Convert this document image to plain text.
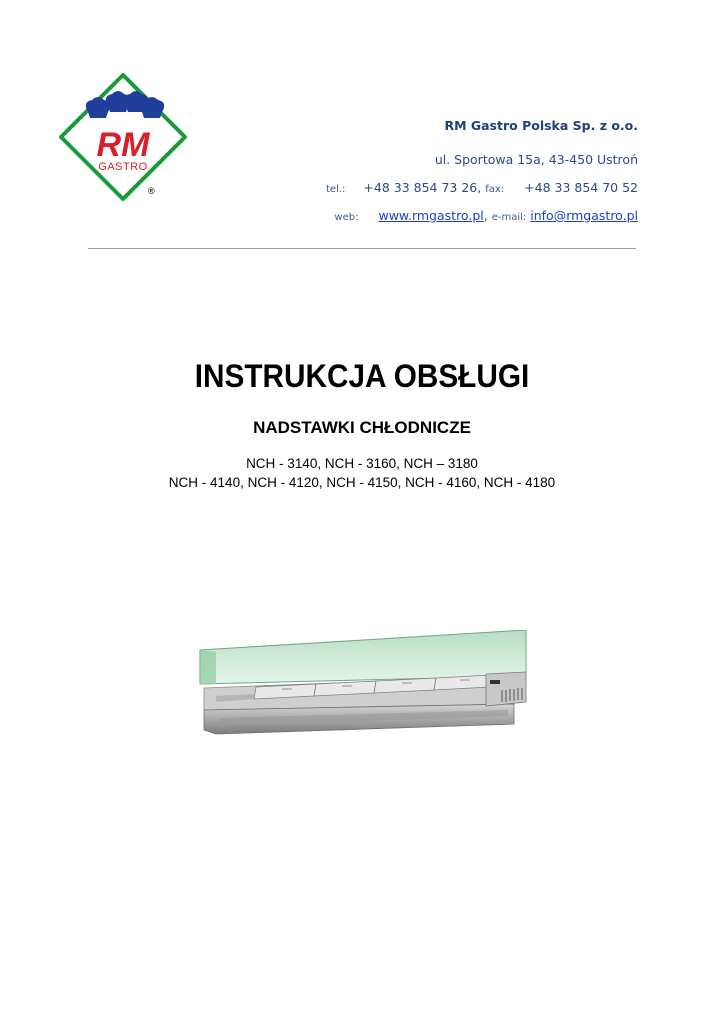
RM
GASTRO
®
RM Gastro Polska Sp. z o.o.
ul. Sportowa 15a, 43-450 Ustroń
tel.: +48 33 854 73 26, fax: +48 33 854 70 52
web: www.rmgastro.pl, e-mail: info@rmgastro.pl
INSTRUKCJA OBSŁUGI
NADSTAWKI CHŁODNICZE
NCH - 3140, NCH - 3160, NCH – 3180
NCH - 4140, NCH - 4120, NCH - 4150, NCH - 4160, NCH - 4180
